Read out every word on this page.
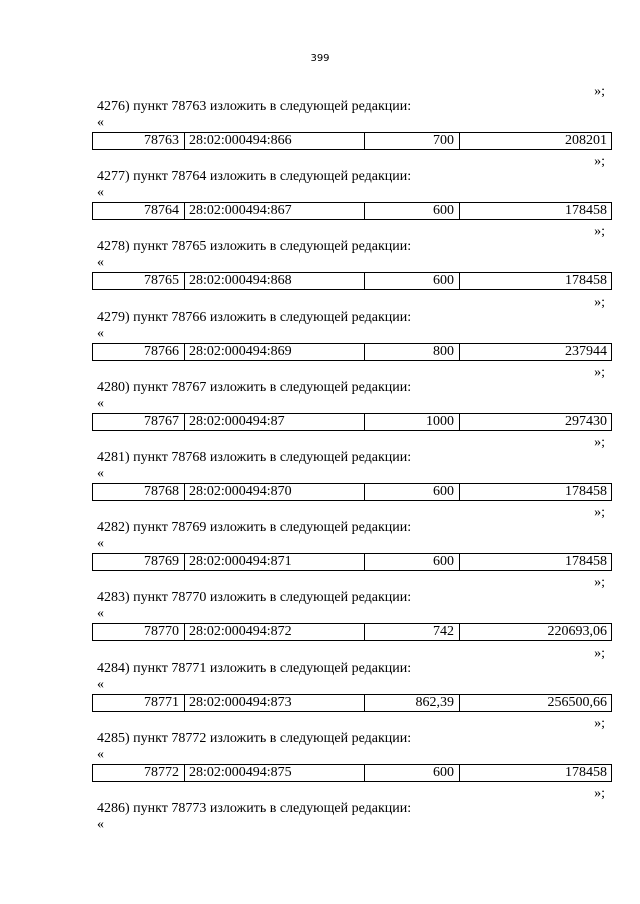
399
»;
4276) пункт 78763 изложить в следующей редакции:
«
78763 28:02:000494:866	700	208201
»;
4277) пункт 78764 изложить в следующей редакции:
«
78764 28:02:000494:867	600	178458
»;
4278) пункт 78765 изложить в следующей редакции:
«
78765 28:02:000494:868	600	178458
»;
4279) пункт 78766 изложить в следующей редакции:
«
78766 28:02:000494:869	800	237944
»;
4280) пункт 78767 изложить в следующей редакции:
«
78767 28:02:000494:87	1000	297430
»;
4281) пункт 78768 изложить в следующей редакции:
«
78768 28:02:000494:870	600	178458
»;
4282) пункт 78769 изложить в следующей редакции:
«
78769 28:02:000494:871	600	178458
»;
4283) пункт 78770 изложить в следующей редакции:
«
78770 28:02:000494:872	742	220693,06
»;
4284) пункт 78771 изложить в следующей редакции:
«
78771 28:02:000494:873	862,39	256500,66
»;
4285) пункт 78772 изложить в следующей редакции:
«
78772 28:02:000494:875	600	178458
»;
4286) пункт 78773 изложить в следующей редакции:
«
